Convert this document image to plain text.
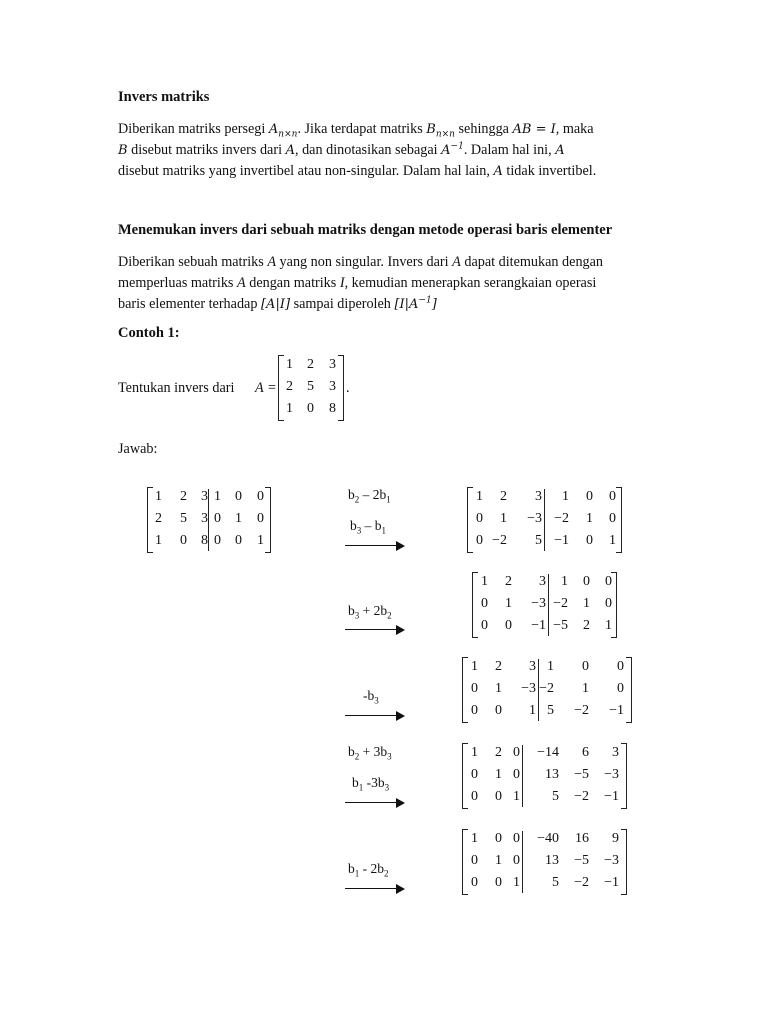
Invers matriks
Diberikan matriks persegi $A_{n\times n}$. Jika terdapat matriks $B_{n\times n}$ sehingga AB = I, maka
B disebut matriks invers dari A, dan dinotasikan sebagai $A^{-1}$. Dalam hal ini, A
disebut matriks yang invertibel atau non-singular. Dalam hal lain, A tidak invertibel.
Menemukan invers dari sebuah matriks dengan metode operasi baris elementer
Diberikan sebuah matriks A yang non singular. Invers dari A dapat ditemukan dengan
memperluas matriks A dengan matriks I, kemudian menerapkan serangkaian operasi
baris elementer terhadap [A|I] sampai diperoleh $[I|A^{-1}]$
Contoh 1:
Tentukan invers dari A =
1 2 3
2 5 3
1 0 8
.
Jawab:
1 2 3 1 0 0
2 5 3 0 1 0
1 0 8 0 0 1
1 2 3 1 0 0
0 1 −3 −2 1 0
0 −2 5 −1 0 1
1 2 3 1 0 0
0 1 −3 −2 1 0
0 0 −1 −5 2 1
1 2 3 1 0 0
0 1 −3 −2 1 0
0 0 1 5 −2 −1
1 2 0 −14 6 3
0 1 0 13 −5 −3
0 0 1 5 −2 −1
1 0 0 −40 16 9
0 1 0 13 −5 −3
0 0 1 5 −2 −1
$b_2 - 2b_1$
$b_3 - b_1$
$b_3 + 2b_2$
$-b_3$
$b_2 + 3b_3$
$b_1$ $-3b_3$
$b_1 - 2b_2$
